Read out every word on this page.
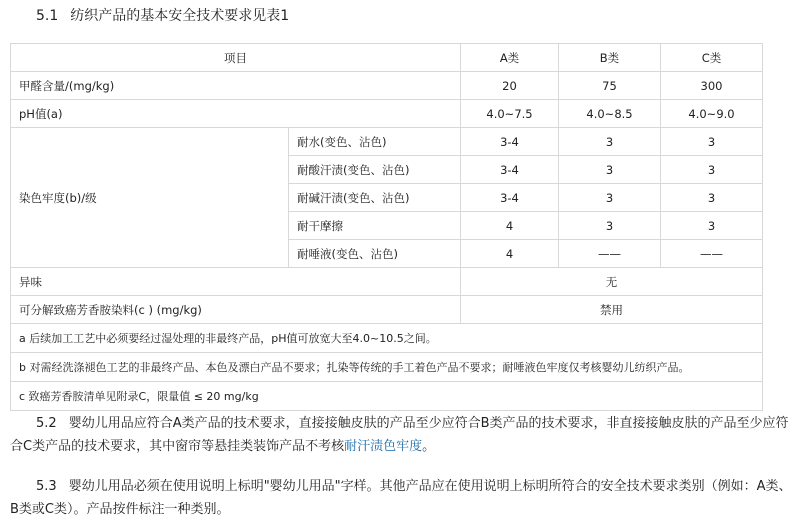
5.1 纺织产品的基本安全技术要求见表1
项目		A类	B类	C类
甲醛含量/(mg/kg)		20	75	300
pH值(a)		4.0~7.5	4.0~8.5	4.0~9.0
染色牢度(b)/级	耐水(变色、沾色)	3-4	3	3
	耐酸汗渍(变色、沾色)	3-4	3	3
	耐碱汗渍(变色、沾色)	3-4	3	3
	耐干摩擦	4	3	3
	耐唾液(变色、沾色)	4	——	——
异味		无		
可分解致癌芳香胺染料(c ) (mg/kg)		禁用		
a 后续加工工艺中必须要经过湿处理的非最终产品，pH值可放宽大至4.0~10.5之间。				
b 对需经洗涤褪色工艺的非最终产品、本色及漂白产品不要求；扎染等传统的手工着色产品不要求；耐唾液色牢度仅考核婴幼儿纺织产品。				
c 致癌芳香胺清单见附录C，限量值 ≤ 20 mg/kg				

5.2 婴幼儿用品应符合A类产品的技术要求，直接接触皮肤的产品至少应符合B类产品的技术要求，非直接接触皮肤的产品至少应符合C类产品的技术要求，其中窗帘等悬挂类装饰产品不考核耐汗渍色牢度。

5.3 婴幼儿用品必须在使用说明上标明"婴幼儿用品"字样。其他产品应在使用说明上标明所符合的安全技术要求类别（例如：A类、B类或C类）。产品按件标注一种类别。
